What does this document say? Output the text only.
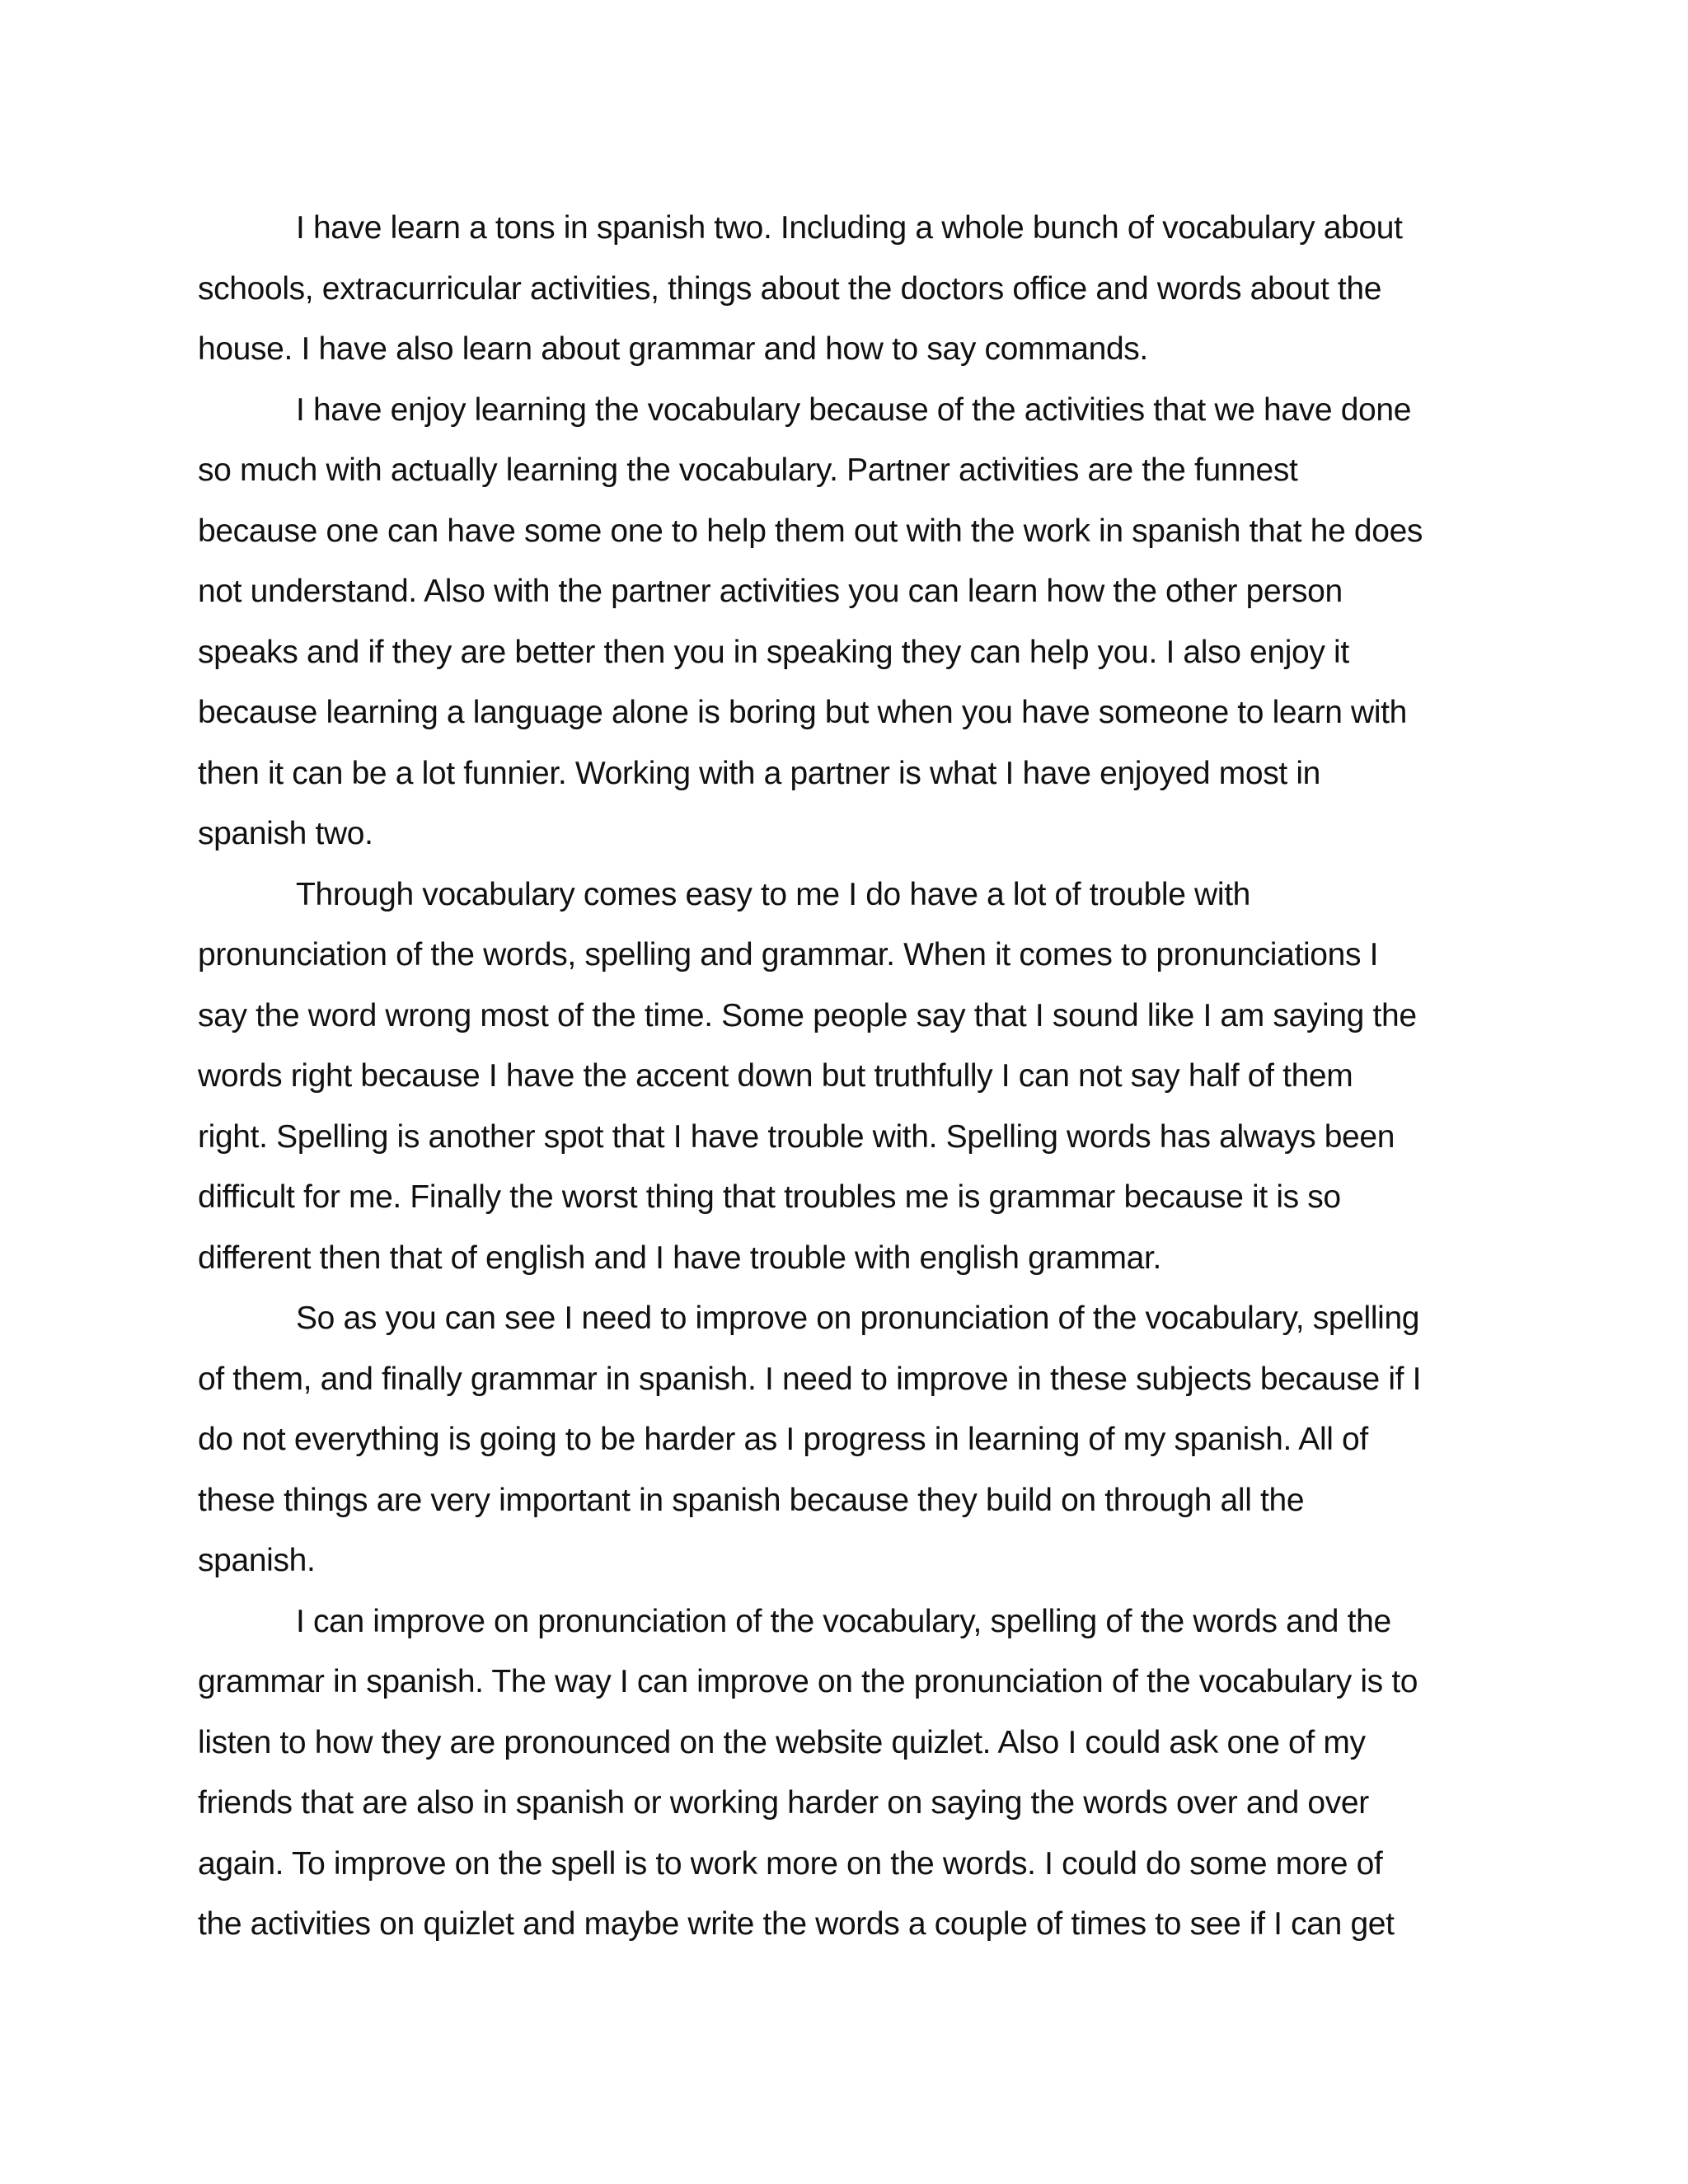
I have learn a tons in spanish two. Including a whole bunch of vocabulary about
schools, extracurricular activities, things about the doctors office and words about the
house. I have also learn about grammar and how to say commands.
I have enjoy learning the vocabulary because of the activities that we have done
so much with actually learning the vocabulary. Partner activities are the funnest
because one can have some one to help them out with the work in spanish that he does
not understand. Also with the partner activities you can learn how the other person
speaks and if they are better then you in speaking they can help you. I also enjoy it
because learning a language alone is boring but when you have someone to learn with
then it can be a lot funnier. Working with a partner is what I have enjoyed most in
spanish two.
Through vocabulary comes easy to me I do have a lot of trouble with
pronunciation of the words, spelling and grammar. When it comes to pronunciations I
say the word wrong most of the time. Some people say that I sound like I am saying the
words right because I have the accent down but truthfully I can not say half of them
right. Spelling is another spot that I have trouble with. Spelling words has always been
difficult for me. Finally the worst thing that troubles me is grammar because it is so
different then that of english and I have trouble with english grammar.
So as you can see I need to improve on pronunciation of the vocabulary, spelling
of them, and finally grammar in spanish. I need to improve in these subjects because if I
do not everything is going to be harder as I progress in learning of my spanish. All of
these things are very important in spanish because they build on through all the
spanish.
I can improve on pronunciation of the vocabulary, spelling of the words and the
grammar in spanish. The way I can improve on the pronunciation of the vocabulary is to
listen to how they are pronounced on the website quizlet. Also I could ask one of my
friends that are also in spanish or working harder on saying the words over and over
again. To improve on the spell is to work more on the words. I could do some more of
the activities on quizlet and maybe write the words a couple of times to see if I can get
